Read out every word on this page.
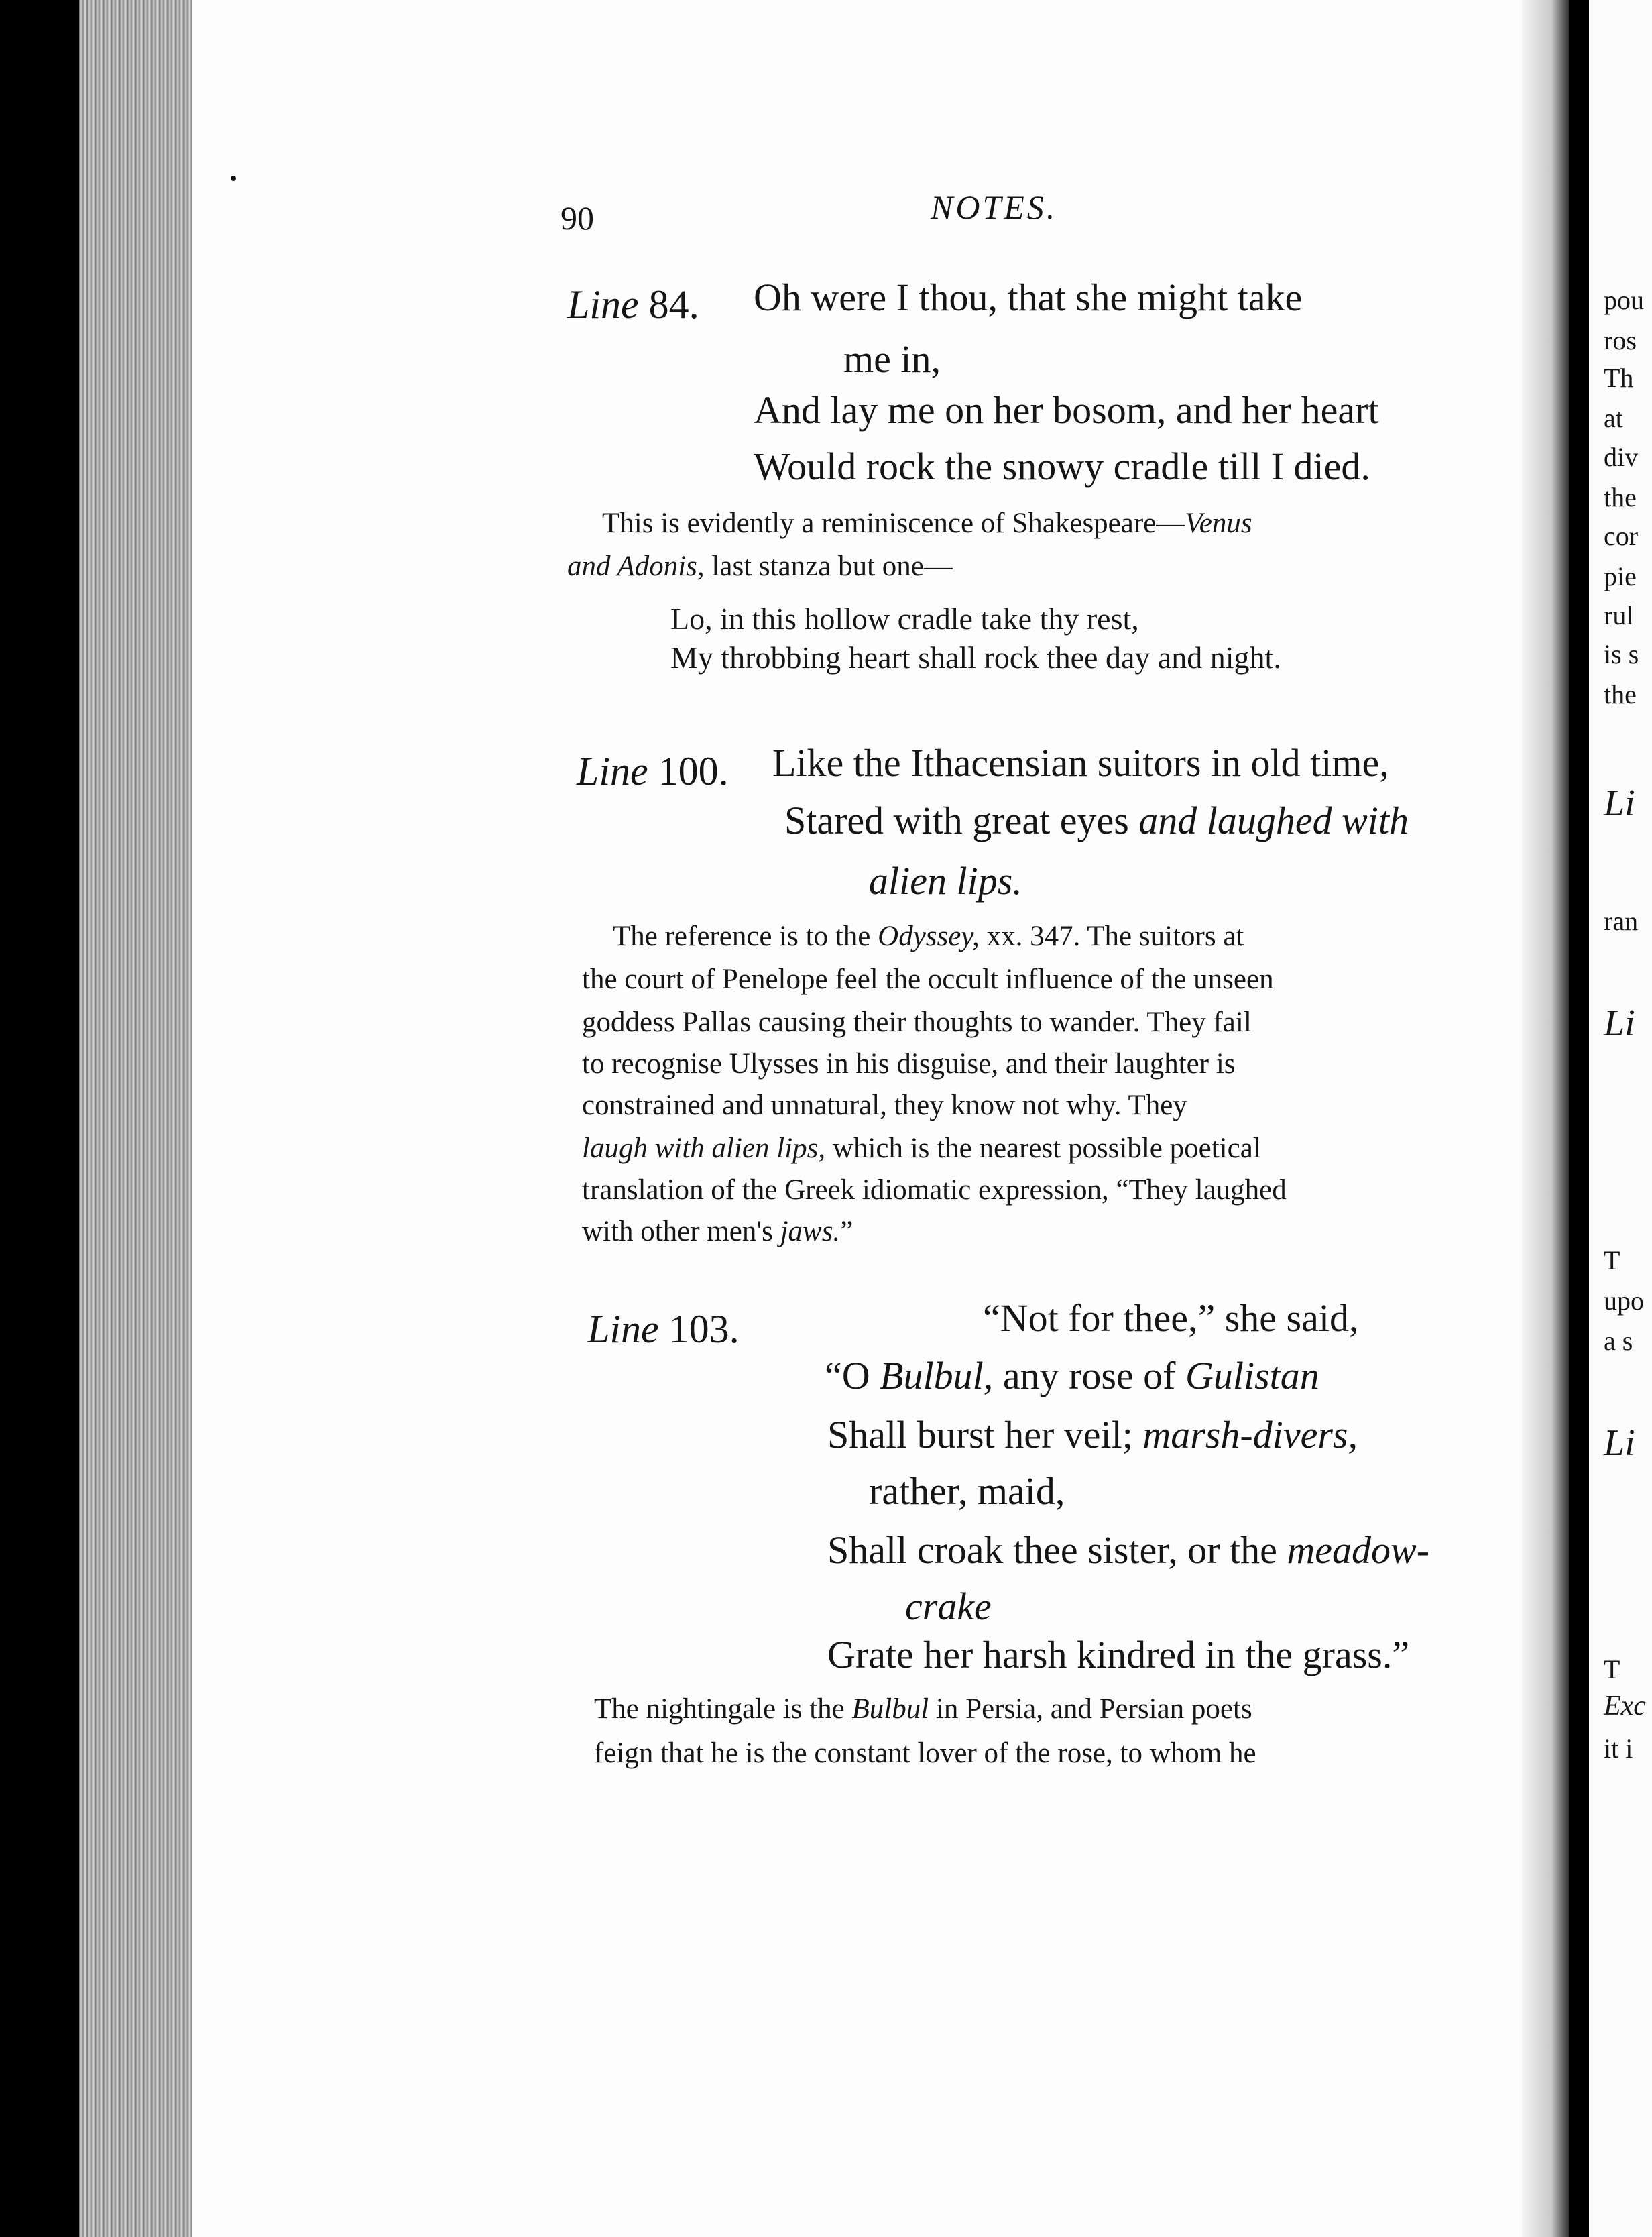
90	NOTES.
Line 84. Oh were I thou, that she might take
me in,
And lay me on her bosom, and her heart
Would rock the snowy cradle till I died.
This is evidently a reminiscence of Shakespeare—Venus
and Adonis, last stanza but one—
Lo, in this hollow cradle take thy rest,
My throbbing heart shall rock thee day and night.
Line 100. Like the Ithacensian suitors in old time,
Stared with great eyes and laughed with
alien lips.
The reference is to the Odyssey, xx. 347. The suitors at
the court of Penelope feel the occult influence of the unseen
goddess Pallas causing their thoughts to wander. They fail
to recognise Ulysses in his disguise, and their laughter is
constrained and unnatural, they know not why. They
laugh with alien lips, which is the nearest possible poetical
translation of the Greek idiomatic expression, “They laughed
with other men's jaws.”
Line 103.	“Not for thee,” she said,
“O Bulbul, any rose of Gulistan
Shall burst her veil; marsh-divers,
rather, maid,
Shall croak thee sister, or the meadow-
crake
Grate her harsh kindred in the grass.”
The nightingale is the Bulbul in Persia, and Persian poets
feign that he is the constant lover of the rose, to whom he
pou
ros
Th
at
div
the
cor
pie
rul
is s
the
Li
ran
Li
T
upo
a s
Li
T
Exc
it i
